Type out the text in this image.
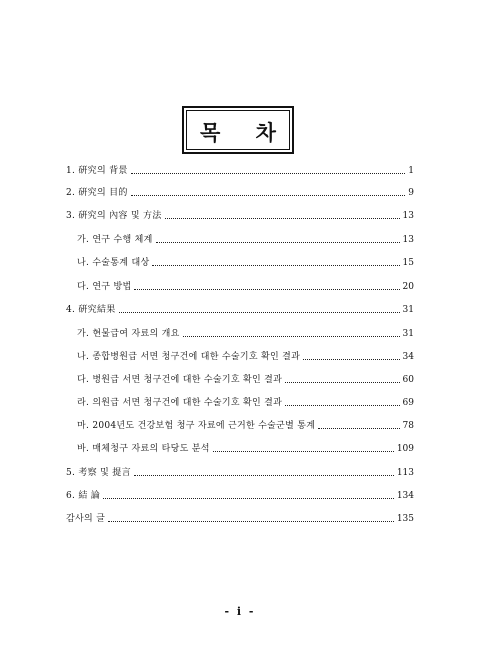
목 차
1. 硏究의 背景	1
2. 硏究의 目的	9
3. 硏究의 內容 및 方法	13
가. 연구 수행 체계	13
나. 수술통계 대상	15
다. 연구 방법	20
4. 硏究結果	31
가. 현물급여 자료의 개요	31
나. 종합병원급 서면 청구건에 대한 수술기호 확인 결과	34
다. 병원급 서면 청구건에 대한 수술기호 확인 결과	60
라. 의원급 서면 청구건에 대한 수술기호 확인 결과	69
마. 2004년도 건강보험 청구 자료에 근거한 수술군별 통계	78
바. 매체청구 자료의 타당도 분석	109
5. 考察 및 提言	113
6. 結 論	134
감사의 글	135
- i -
